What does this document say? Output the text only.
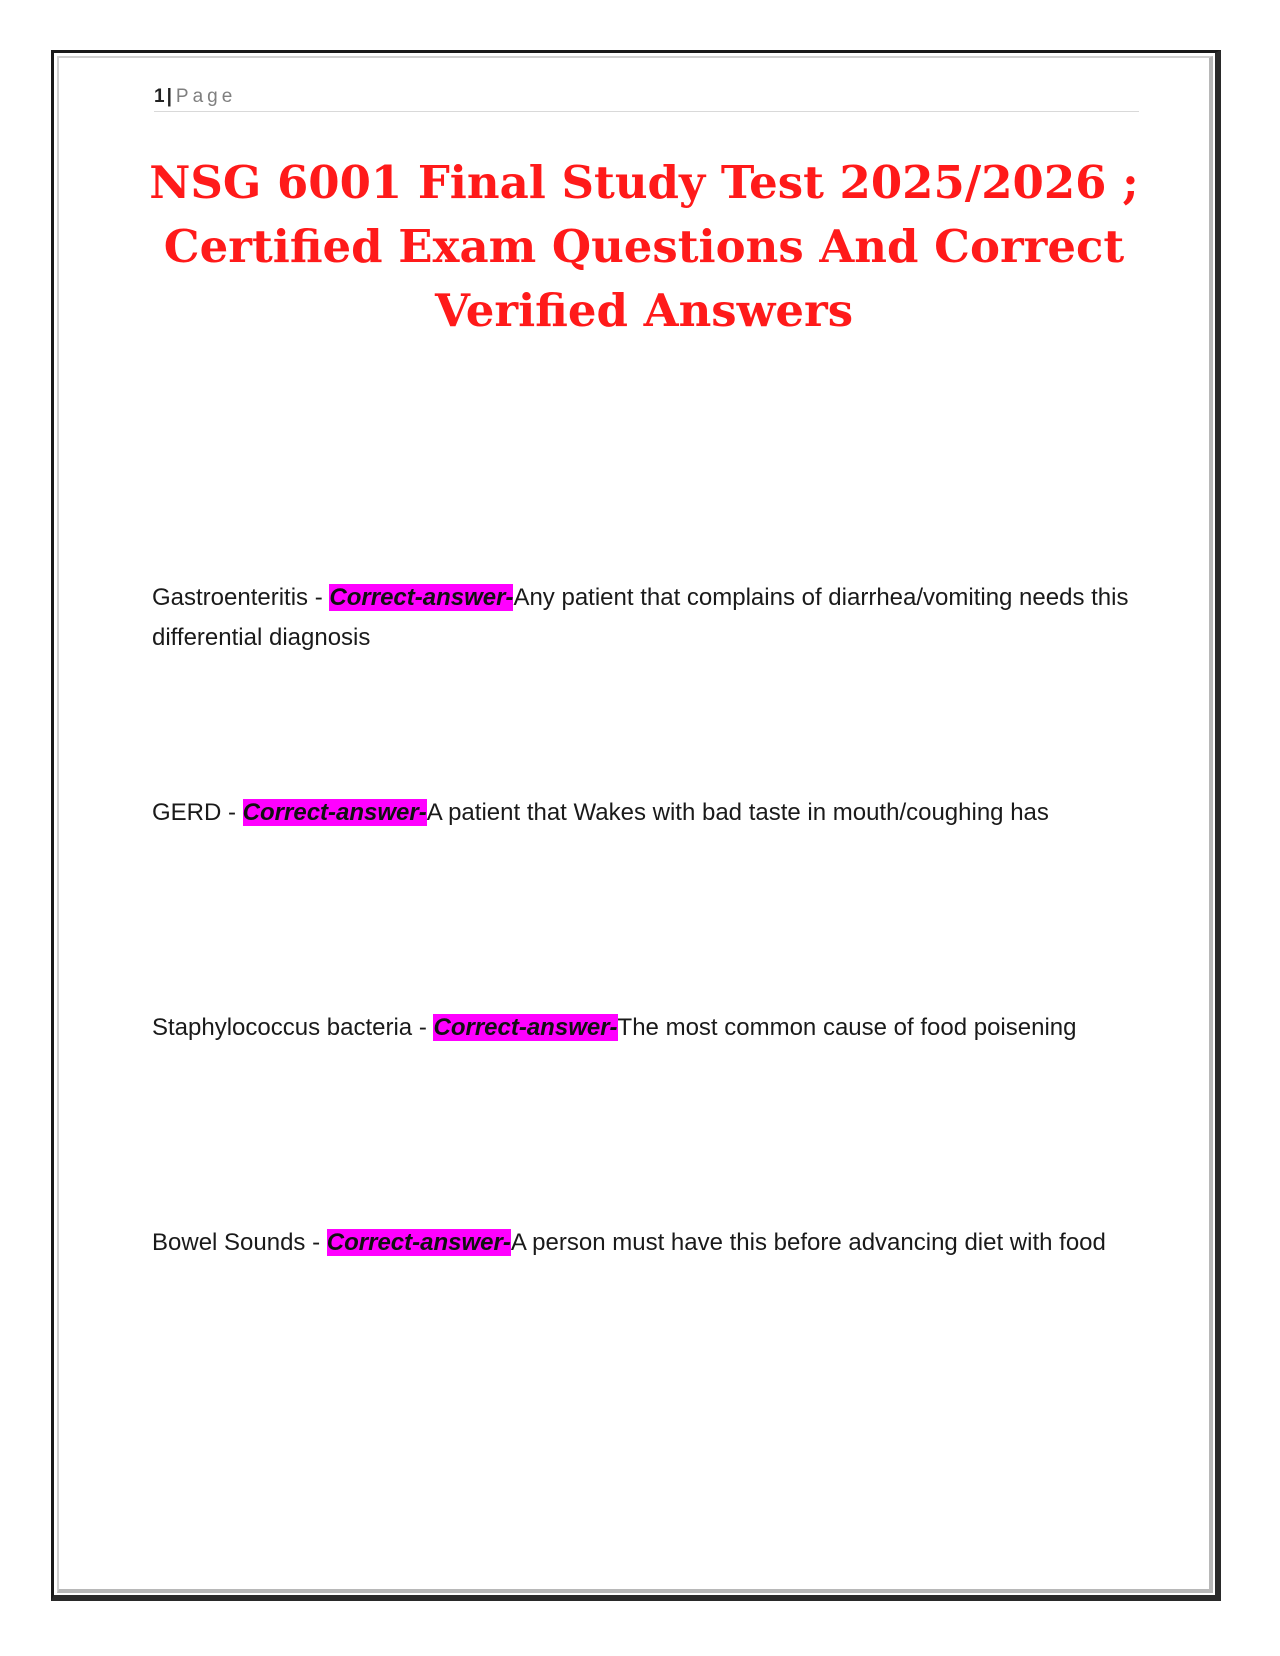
1 | Page
NSG 6001 Final Study Test 2025/2026 ; Certified Exam Questions And Correct Verified Answers

Gastroenteritis - Correct-answer-Any patient that complains of diarrhea/vomiting needs this differential diagnosis

GERD - Correct-answer-A patient that Wakes with bad taste in mouth/coughing has

Staphylococcus bacteria - Correct-answer-The most common cause of food poisening

Bowel Sounds - Correct-answer-A person must have this before advancing diet with food
